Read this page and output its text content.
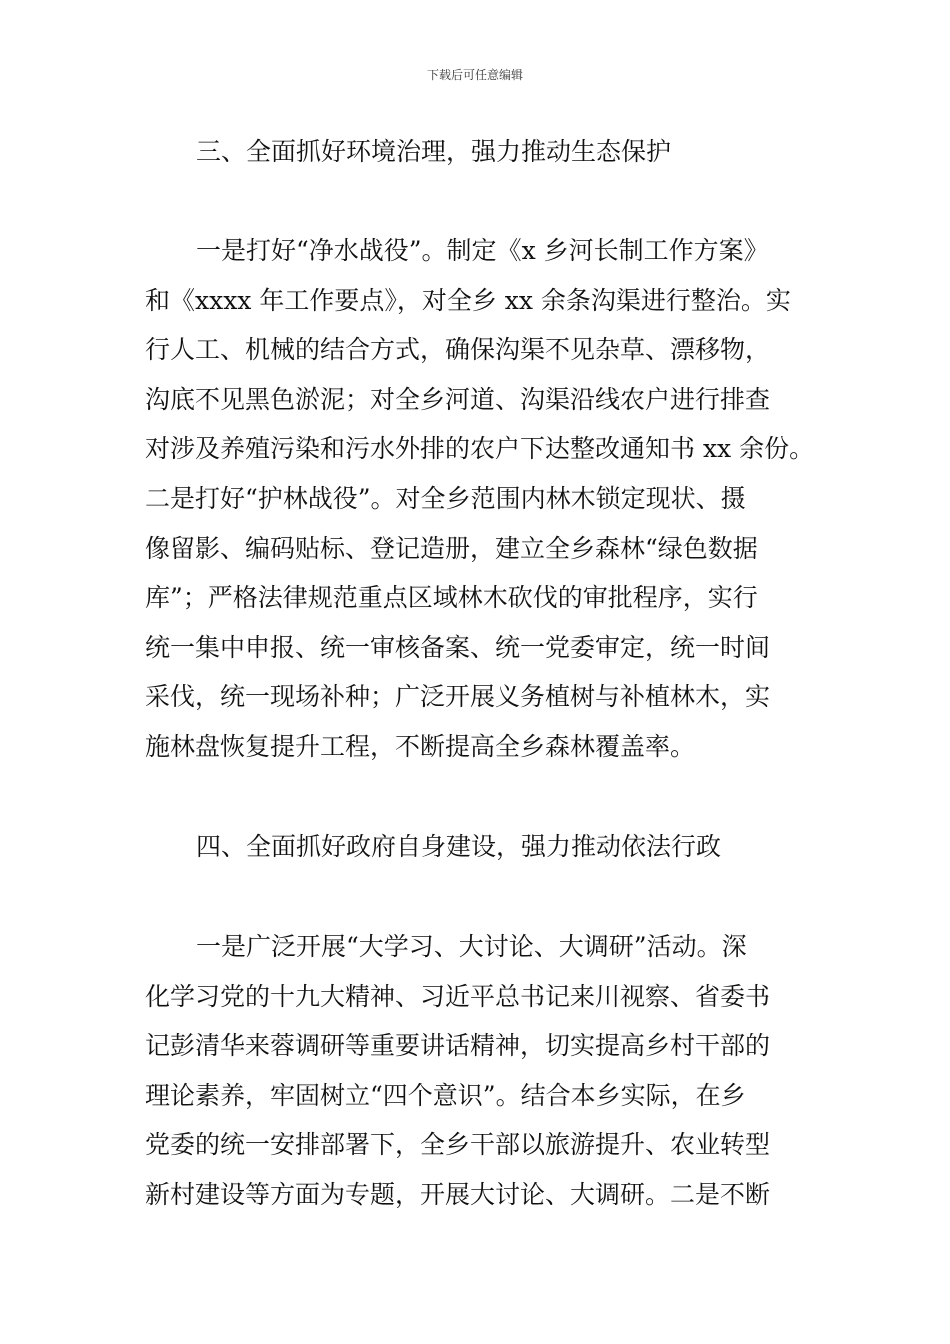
下载后可任意编辑
三、全面抓好环境治理，强力推动生态保护
一是打好“净水战役”。制定《x 乡河长制工作方案》
和《xxxx 年工作要点》，对全乡 xx 余条沟渠进行整治。实
行人工、机械的结合方式，确保沟渠不见杂草、漂移物，
沟底不见黑色淤泥；对全乡河道、沟渠沿线农户进行排查
对涉及养殖污染和污水外排的农户下达整改通知书 xx 余份。
二是打好“护林战役”。对全乡范围内林木锁定现状、摄
像留影、编码贴标、登记造册，建立全乡森林“绿色数据
库”；严格法律规范重点区域林木砍伐的审批程序，实行
统一集中申报、统一审核备案、统一党委审定，统一时间
采伐，统一现场补种；广泛开展义务植树与补植林木，实
施林盘恢复提升工程，不断提高全乡森林覆盖率。
四、全面抓好政府自身建设，强力推动依法行政
一是广泛开展“大学习、大讨论、大调研”活动。深
化学习党的十九大精神、习近平总书记来川视察、省委书
记彭清华来蓉调研等重要讲话精神，切实提高乡村干部的
理论素养，牢固树立“四个意识”。结合本乡实际，在乡
党委的统一安排部署下，全乡干部以旅游提升、农业转型
新村建设等方面为专题，开展大讨论、大调研。二是不断
